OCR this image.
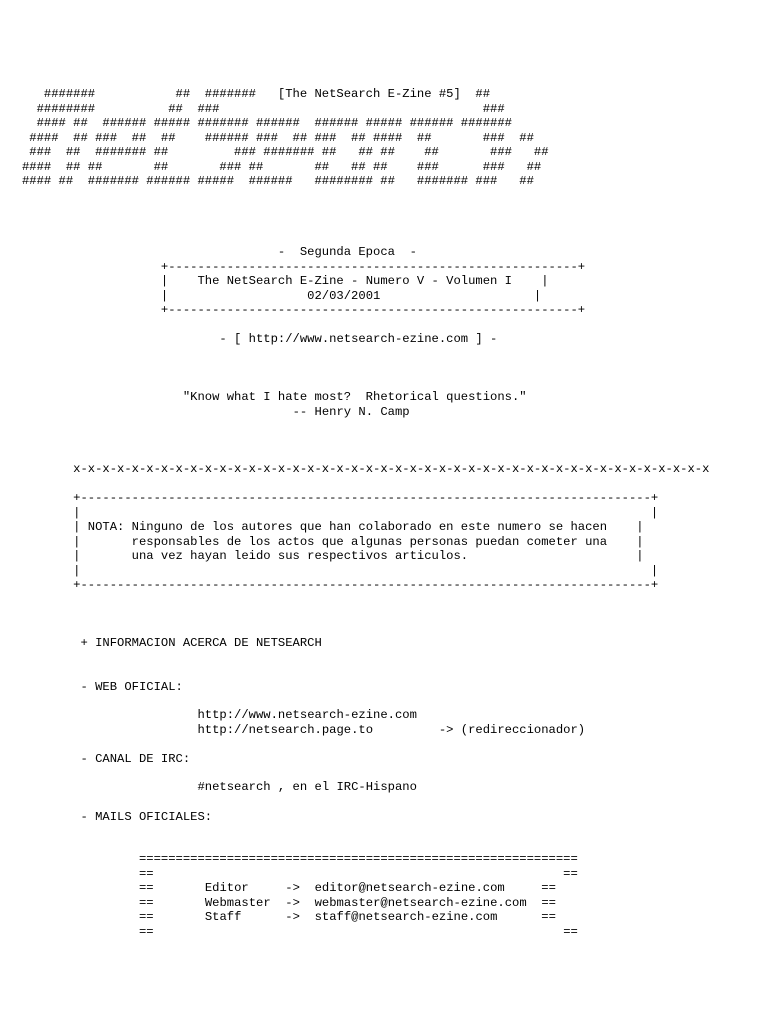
#######           ##  #######   [The NetSearch E-Zine #5]  ##
########          ##  ###                                    ###
#### ##  ###### ##### ####### ######  ###### ##### ###### #######
####  ## ###  ##  ##    ###### ###  ## ###  ## ####  ##       ###  ##
###  ##  ####### ##         ### ####### ##   ## ##    ##       ###   ##
####  ## ##       ##       ### ##       ##   ## ##    ###      ###   ##
#### ##  ####### ###### #####  ######   ######## ##   ####### ###   ##
-  Segunda Epoca  -
+--------------------------------------------------------+
|    The NetSearch E-Zine - Numero V - Volumen I    |
|                   02/03/2001                     |
+--------------------------------------------------------+
- [ http://www.netsearch-ezine.com ] -
"Know what I hate most?  Rhetorical questions."
-- Henry N. Camp
x-x-x-x-x-x-x-x-x-x-x-x-x-x-x-x-x-x-x-x-x-x-x-x-x-x-x-x-x-x-x-x-x-x-x-x-x-x-x-x-x-x-x-x
+------------------------------------------------------------------------------+
|                                                                              |
| NOTA: Ninguno de los autores que han colaborado en este numero se hacen    |
|       responsables de los actos que algunas personas puedan cometer una    |
|       una vez hayan leido sus respectivos articulos.                       |
|                                                                              |
+------------------------------------------------------------------------------+
+ INFORMACION ACERCA DE NETSEARCH
- WEB OFICIAL:
http://www.netsearch-ezine.com
http://netsearch.page.to	-> (redireccionador)
- CANAL DE IRC:
#netsearch , en el IRC-Hispano
- MAILS OFICIALES:
============================================================
==                                                        ==
==	Editor	-> editor@netsearch-ezine.com	==
==	Webmaster -> webmaster@netsearch-ezine.com ==
==	Staff	-> staff@netsearch-ezine.com	==
==	==
